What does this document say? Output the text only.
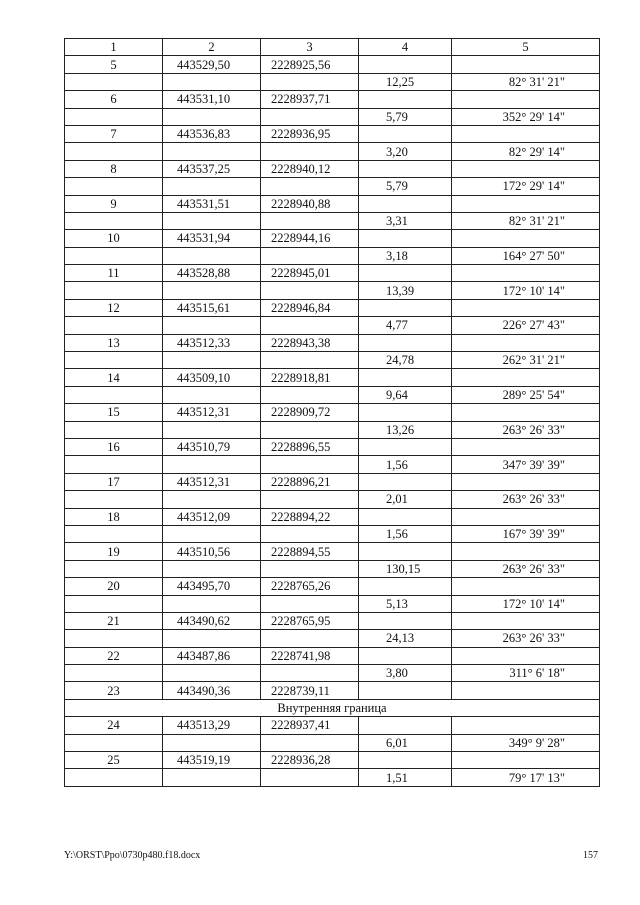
1	2	3	4	5
5	443529,50	2228925,56		
			12,25	82° 31' 21"
6	443531,10	2228937,71		
			5,79	352° 29' 14"
7	443536,83	2228936,95		
			3,20	82° 29' 14"
8	443537,25	2228940,12		
			5,79	172° 29' 14"
9	443531,51	2228940,88		
			3,31	82° 31' 21"
10	443531,94	2228944,16		
			3,18	164° 27' 50"
11	443528,88	2228945,01		
			13,39	172° 10' 14"
12	443515,61	2228946,84		
			4,77	226° 27' 43"
13	443512,33	2228943,38		
			24,78	262° 31' 21"
14	443509,10	2228918,81		
			9,64	289° 25' 54"
15	443512,31	2228909,72		
			13,26	263° 26' 33"
16	443510,79	2228896,55		
			1,56	347° 39' 39"
17	443512,31	2228896,21		
			2,01	263° 26' 33"
18	443512,09	2228894,22		
			1,56	167° 39' 39"
19	443510,56	2228894,55		
			130,15	263° 26' 33"
20	443495,70	2228765,26		
			5,13	172° 10' 14"
21	443490,62	2228765,95		
			24,13	263° 26' 33"
22	443487,86	2228741,98		
			3,80	311° 6' 18"
23	443490,36	2228739,11		
Внутренняя граница				
24	443513,29	2228937,41		
			6,01	349° 9' 28"
25	443519,19	2228936,28		
			1,51	79° 17' 13"
Y:\ORST\Ppo\0730p480.f18.docx	157
